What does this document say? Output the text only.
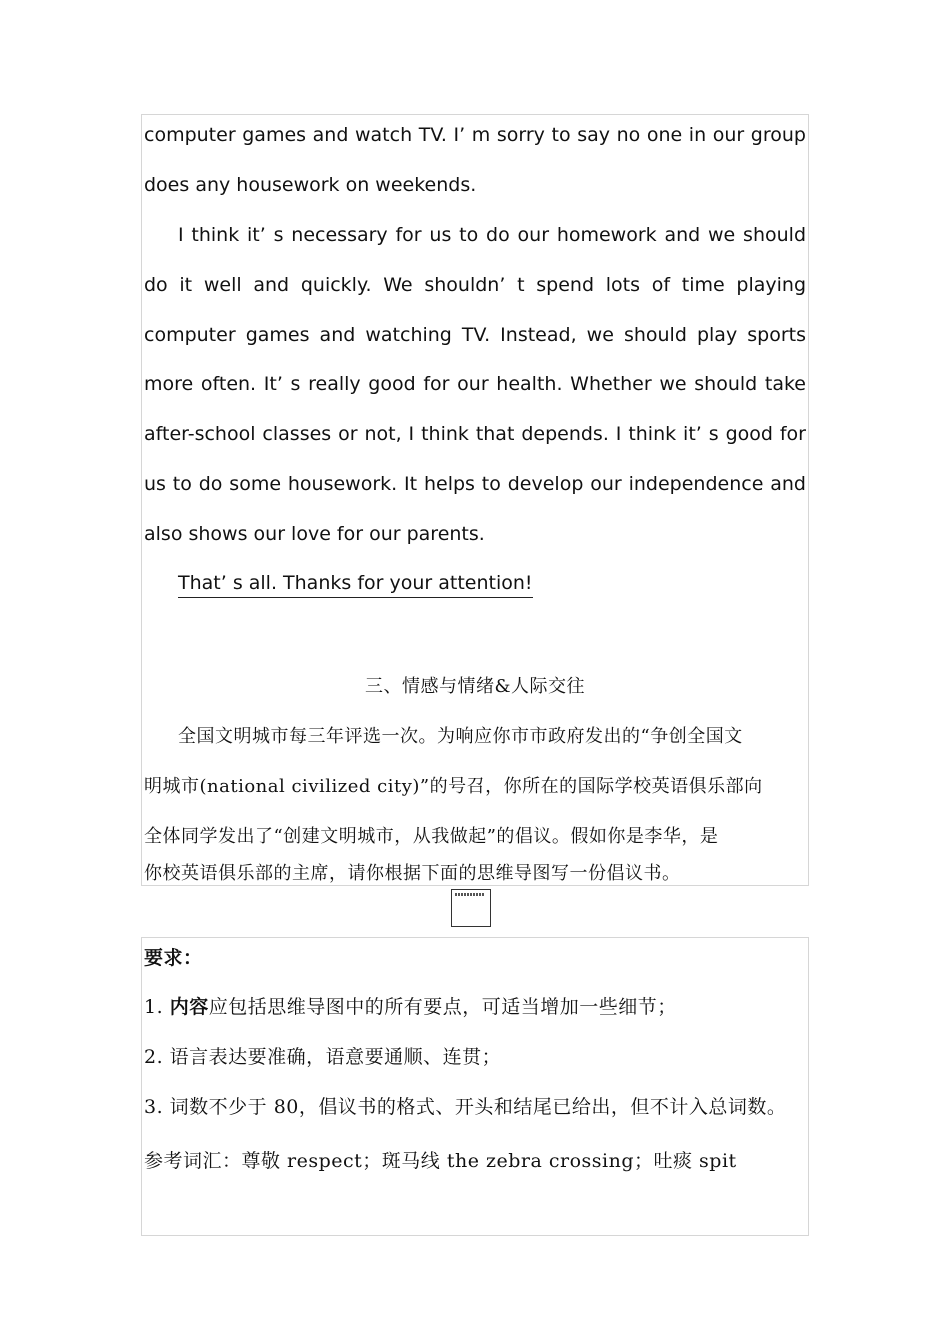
computer games and watch TV. I’ m sorry to say no one in our group
does any housework on weekends.
I think it’ s necessary for us to do our homework and we should
do it well and quickly. We shouldn’ t spend lots of time playing
computer games and watching TV. Instead, we should play sports
more often. It’ s really good for our health. Whether we should take
after-school classes or not, I think that depends. I think it’ s good for
us to do some housework. It helps to develop our independence and
also shows our love for our parents.
That’ s all. Thanks for your attention!
三、情感与情绪&人际交往
全国文明城市每三年评选一次。为响应你市市政府发出的“争创全国文
明城市(national civilized city)”的号召，你所在的国际学校英语俱乐部向
全体同学发出了“创建文明城市，从我做起”的倡议。假如你是李华，是
你校英语俱乐部的主席，请你根据下面的思维导图写一份倡议书。
要求：
1. 内容应包括思维导图中的所有要点，可适当增加一些细节；
2. 语言表达要准确，语意要通顺、连贯；
3. 词数不少于 80，倡议书的格式、开头和结尾已给出，但不计入总词数。
参考词汇：尊敬 respect；斑马线 the zebra crossing；吐痰 spit
